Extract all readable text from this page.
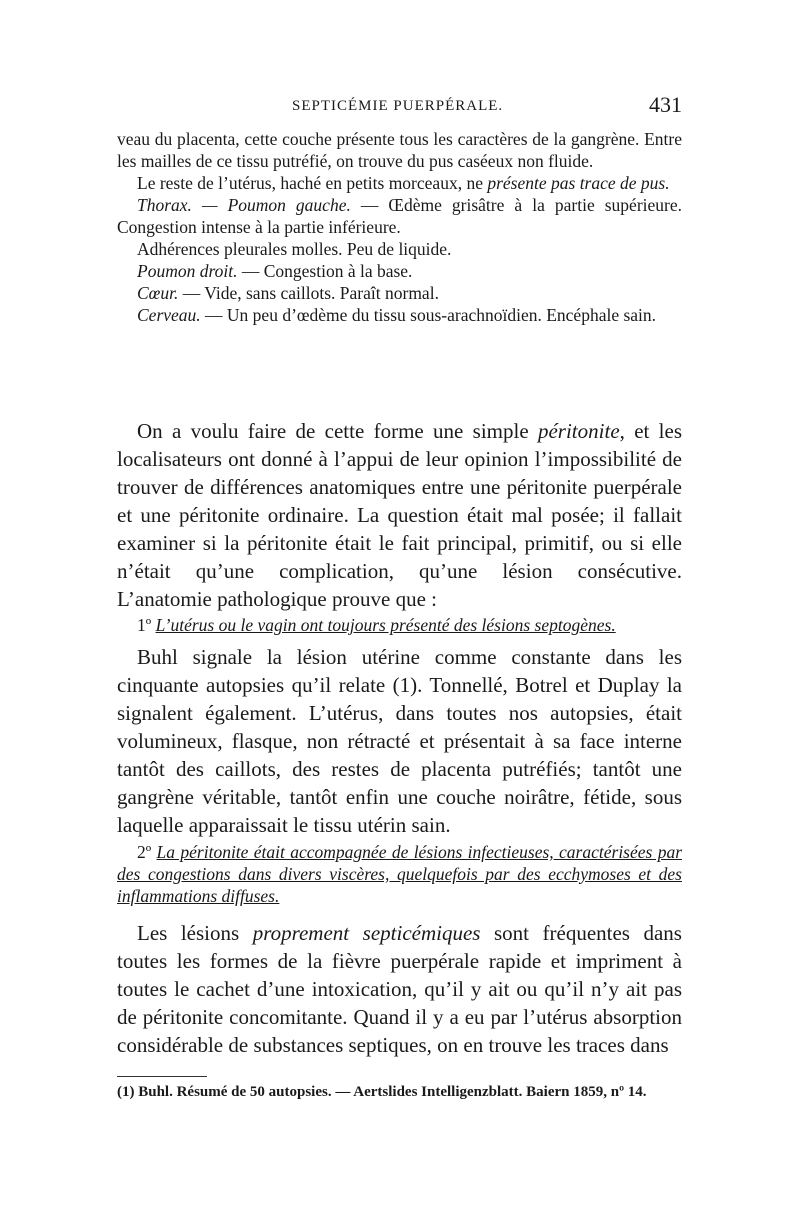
SEPTICÉMIE PUERPÉRALE.	431

veau du placenta, cette couche présente tous les caractères de la gangrène. Entre les mailles de ce tissu putréfié, on trouve du pus caséeux non fluide.

Le reste de l’utérus, haché en petits morceaux, ne présente pas trace de pus.

Thorax. — Poumon gauche. — Œdème grisâtre à la partie supérieure. Congestion intense à la partie inférieure.

Adhérences pleurales molles. Peu de liquide.

Poumon droit. — Congestion à la base.

Cœur. — Vide, sans caillots. Paraît normal.

Cerveau. — Un peu d’œdème du tissu sous-arachnoïdien. Encéphale sain.

On a voulu faire de cette forme une simple péritonite, et les localisateurs ont donné à l’appui de leur opinion l’impossibilité de trouver de différences anatomiques entre une péritonite puerpérale et une péritonite ordinaire. La question était mal posée; il fallait examiner si la péritonite était le fait principal, primitif, ou si elle n’était qu’une complication, qu’une lésion consécutive. L’anatomie pathologique prouve que :

1º L’utérus ou le vagin ont toujours présenté des lésions septogènes.

Buhl signale la lésion utérine comme constante dans les cinquante autopsies qu’il relate (1). Tonnellé, Botrel et Duplay la signalent également. L’utérus, dans toutes nos autopsies, était volumineux, flasque, non rétracté et présentait à sa face interne tantôt des caillots, des restes de placenta putréfiés; tantôt une gangrène véritable, tantôt enfin une couche noirâtre, fétide, sous laquelle apparaissait le tissu utérin sain.

2º La péritonite était accompagnée de lésions infectieuses, caractérisées par des congestions dans divers viscères, quelquefois par des ecchymoses et des inflammations diffuses.

Les lésions proprement septicémiques sont fréquentes dans toutes les formes de la fièvre puerpérale rapide et impriment à toutes le cachet d’une intoxication, qu’il y ait ou qu’il n’y ait pas de péritonite concomitante. Quand il y a eu par l’utérus absorption considérable de substances septiques, on en trouve les traces dans

(1) Buhl. Résumé de 50 autopsies. — Aertslides Intelligenzblatt. Baiern 1859, nº 14.
